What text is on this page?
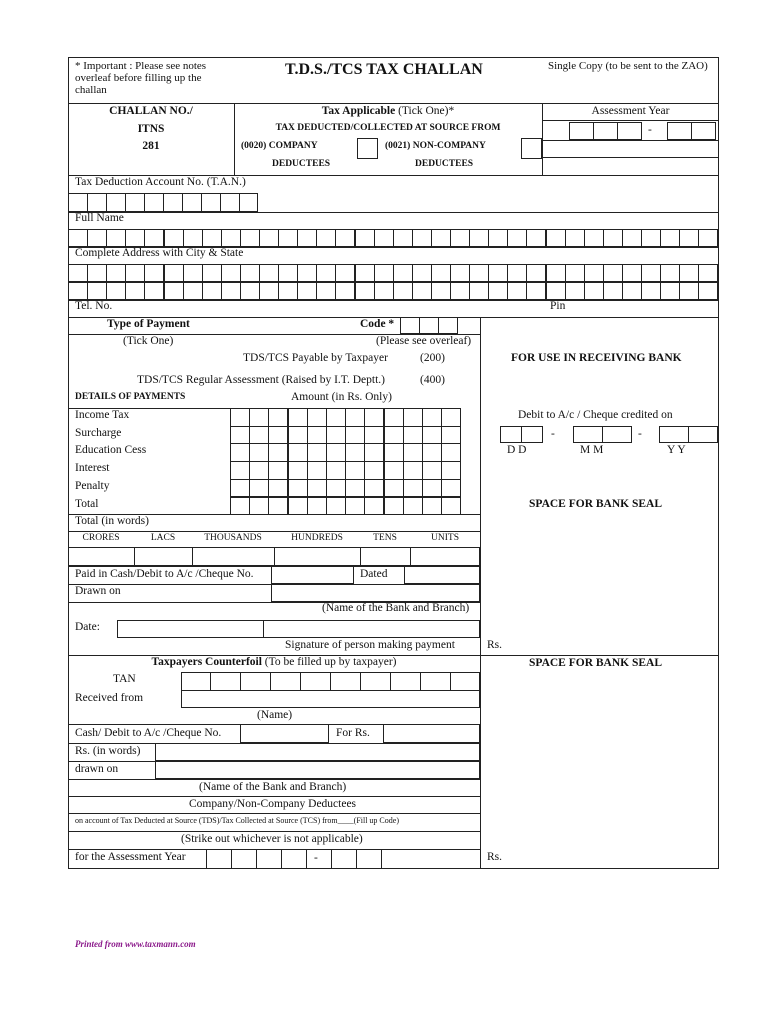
* Important : Please see notes overleaf before filling up the challan
T.D.S./TCS TAX CHALLAN	Single Copy (to be sent to the ZAO)
CHALLAN NO./
ITNS
281
Tax Applicable (Tick One)*
TAX DEDUCTED/COLLECTED AT SOURCE FROM
(0020) COMPANY
DEDUCTEES
(0021) NON-COMPANY
DEDUCTEES
Assessment Year
-
Tax Deduction Account No. (T.A.N.)
Full Name
Complete Address with City & State
Tel. No.	Pin
Type of Payment	Code *
(Tick One)	(Please see overleaf)
TDS/TCS Payable by Taxpayer	(200)
TDS/TCS Regular Assessment (Raised by I.T. Deptt.)	(400)
DETAILS OF PAYMENTS	Amount (in Rs. Only)
Income Tax
Surcharge
Education Cess
Interest
Penalty
Total
Total (in words)
CRORES	LACS	THOUSANDS	HUNDREDS	TENS	UNITS
Paid in Cash/Debit to A/c /Cheque No.	Dated
Drawn on
(Name of the Bank and Branch)
Date:
Signature of person making payment	Rs.
FOR USE IN RECEIVING BANK
Debit to A/c / Cheque credited on
-	-
D D	M M	Y Y
SPACE FOR BANK SEAL
Taxpayers Counterfoil (To be filled up by taxpayer)	SPACE FOR BANK SEAL
TAN
Received from
(Name)
Cash/ Debit to A/c /Cheque No.	For Rs.
Rs. (in words)
drawn on
(Name of the Bank and Branch)
Company/Non-Company Deductees
on account of Tax Deducted at Source (TDS)/Tax Collected at Source (TCS) from____(Fill up Code)
(Strike out whichever is not applicable)
for the Assessment Year	-	Rs.
Printed from www.taxmann.com
